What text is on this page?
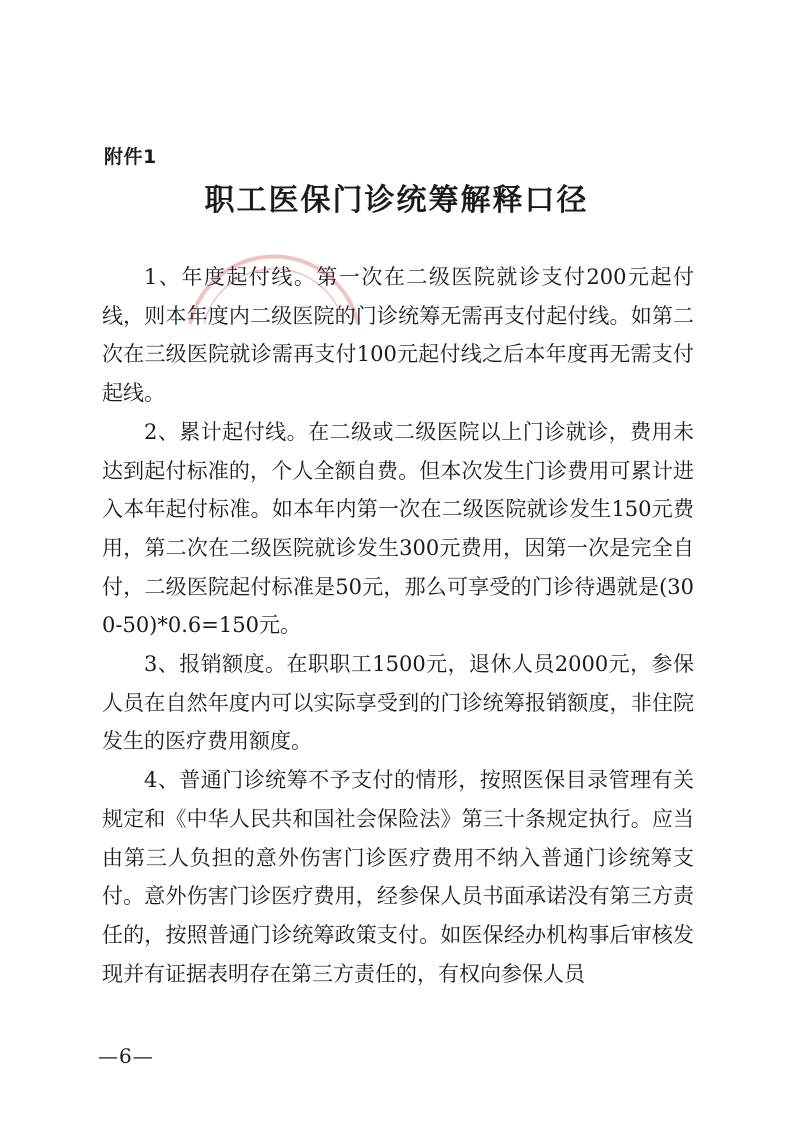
附件1
职工医保门诊统筹解释口径

1、年度起付线。第一次在二级医院就诊支付200元起付线，则本年度内二级医院的门诊统筹无需再支付起付线。如第二次在三级医院就诊需再支付100元起付线之后本年度再无需支付起线。

2、累计起付线。在二级或二级医院以上门诊就诊，费用未达到起付标准的，个人全额自费。但本次发生门诊费用可累计进入本年起付标准。如本年内第一次在二级医院就诊发生150元费用，第二次在二级医院就诊发生300元费用，因第一次是完全自付，二级医院起付标准是50元，那么可享受的门诊待遇就是(300-50)*0.6=150元。

3、报销额度。在职职工1500元，退休人员2000元，参保人员在自然年度内可以实际享受到的门诊统筹报销额度，非住院发生的医疗费用额度。

4、普通门诊统筹不予支付的情形，按照医保目录管理有关规定和《中华人民共和国社会保险法》第三十条规定执行。应当由第三人负担的意外伤害门诊医疗费用不纳入普通门诊统筹支付。意外伤害门诊医疗费用，经参保人员书面承诺没有第三方责任的，按照普通门诊统筹政策支付。如医保经办机构事后审核发现并有证据表明存在第三方责任的，有权向参保人员

—6—
